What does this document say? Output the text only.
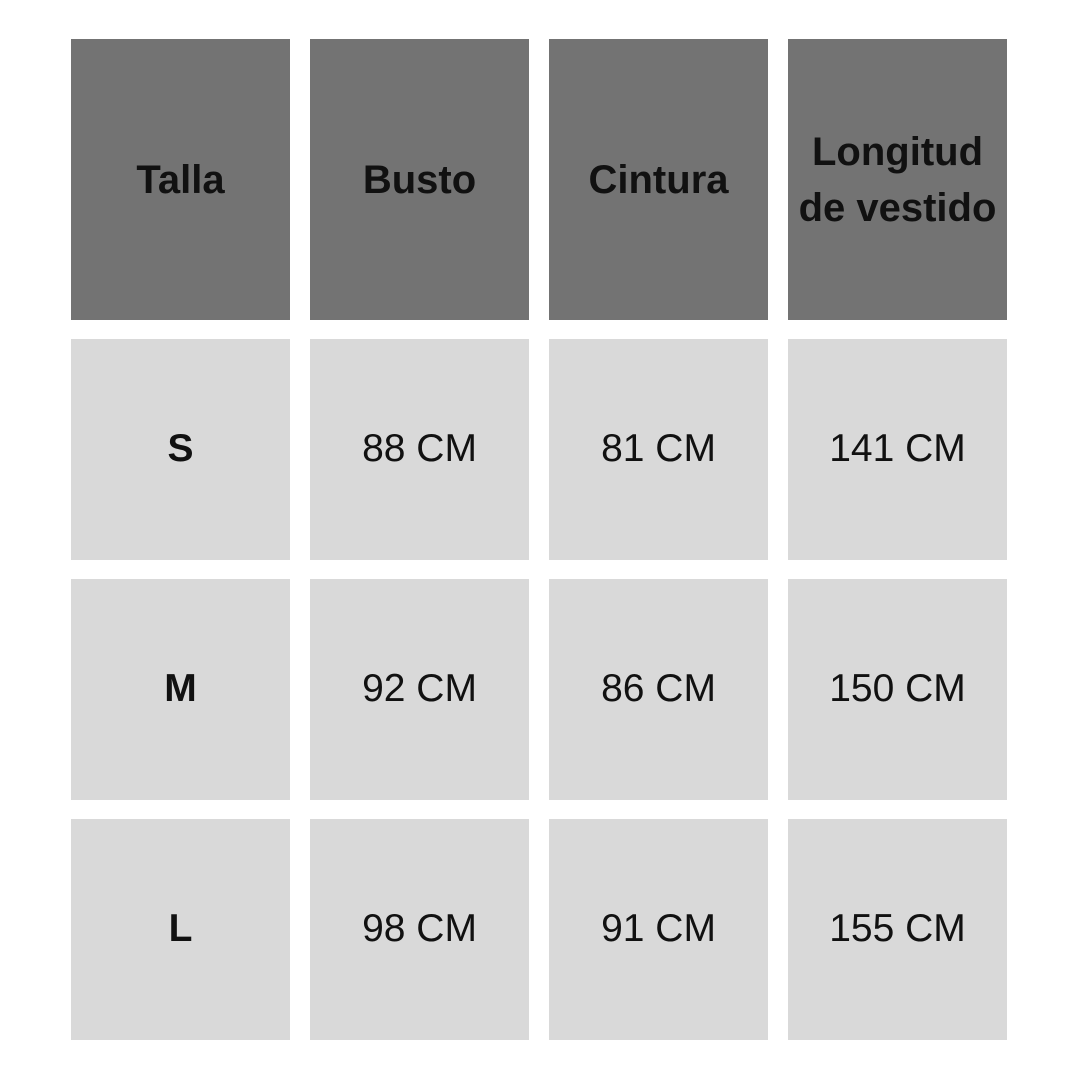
Talla	Busto	Cintura	Longitud de vestido
S	88 CM	81 CM	141 CM
M	92 CM	86 CM	150 CM
L	98 CM	91 CM	155 CM
